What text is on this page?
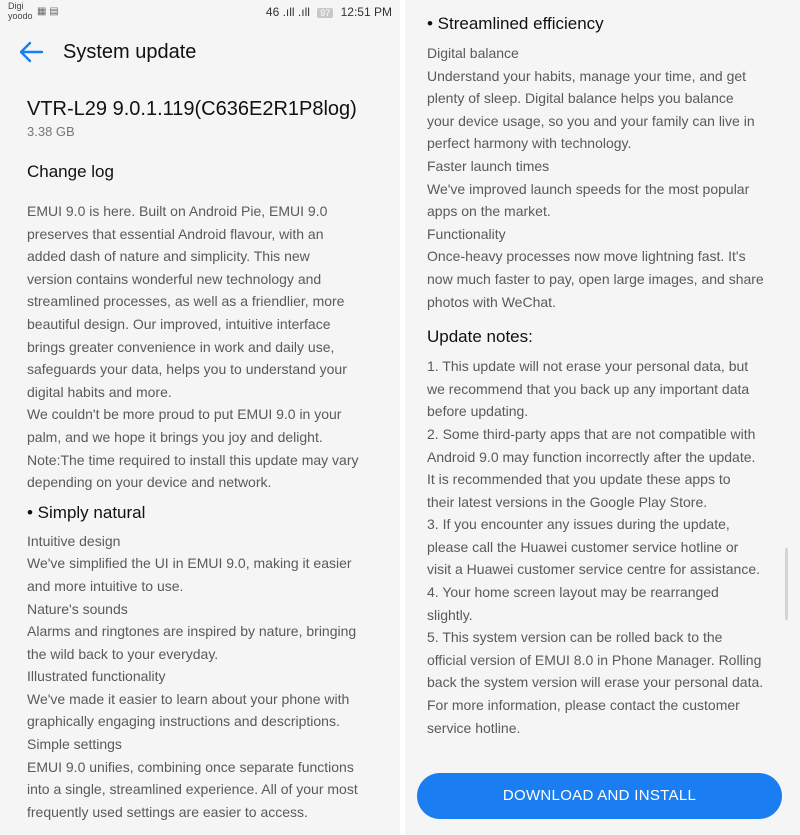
Digi
yoodo ▦ ▤	46 .ıll .ıll 97 12:51 PM
System update
VTR-L29 9.0.1.119(C636E2R1P8log)
3.38 GB
Change log
EMUI 9.0 is here. Built on Android Pie, EMUI 9.0
preserves that essential Android flavour, with an
added dash of nature and simplicity. This new
version contains wonderful new technology and
streamlined processes, as well as a friendlier, more
beautiful design. Our improved, intuitive interface
brings greater convenience in work and daily use,
safeguards your data, helps you to understand your
digital habits and more.
We couldn't be more proud to put EMUI 9.0 in your
palm, and we hope it brings you joy and delight.
Note:The time required to install this update may vary
depending on your device and network.
• Simply natural
Intuitive design
We've simplified the UI in EMUI 9.0, making it easier
and more intuitive to use.
Nature's sounds
Alarms and ringtones are inspired by nature, bringing
the wild back to your everyday.
Illustrated functionality
We've made it easier to learn about your phone with
graphically engaging instructions and descriptions.
Simple settings
EMUI 9.0 unifies, combining once separate functions
into a single, streamlined experience. All of your most
frequently used settings are easier to access.
• Streamlined efficiency
Digital balance
Understand your habits, manage your time, and get
plenty of sleep. Digital balance helps you balance
your device usage, so you and your family can live in
perfect harmony with technology.
Faster launch times
We've improved launch speeds for the most popular
apps on the market.
Functionality
Once-heavy processes now move lightning fast. It's
now much faster to pay, open large images, and share
photos with WeChat.
Update notes:
1. This update will not erase your personal data, but
we recommend that you back up any important data
before updating.
2. Some third-party apps that are not compatible with
Android 9.0 may function incorrectly after the update.
It is recommended that you update these apps to
their latest versions in the Google Play Store.
3. If you encounter any issues during the update,
please call the Huawei customer service hotline or
visit a Huawei customer service centre for assistance.
4. Your home screen layout may be rearranged
slightly.
5. This system version can be rolled back to the
official version of EMUI 8.0 in Phone Manager. Rolling
back the system version will erase your personal data.
For more information, please contact the customer
service hotline.
DOWNLOAD AND INSTALL
